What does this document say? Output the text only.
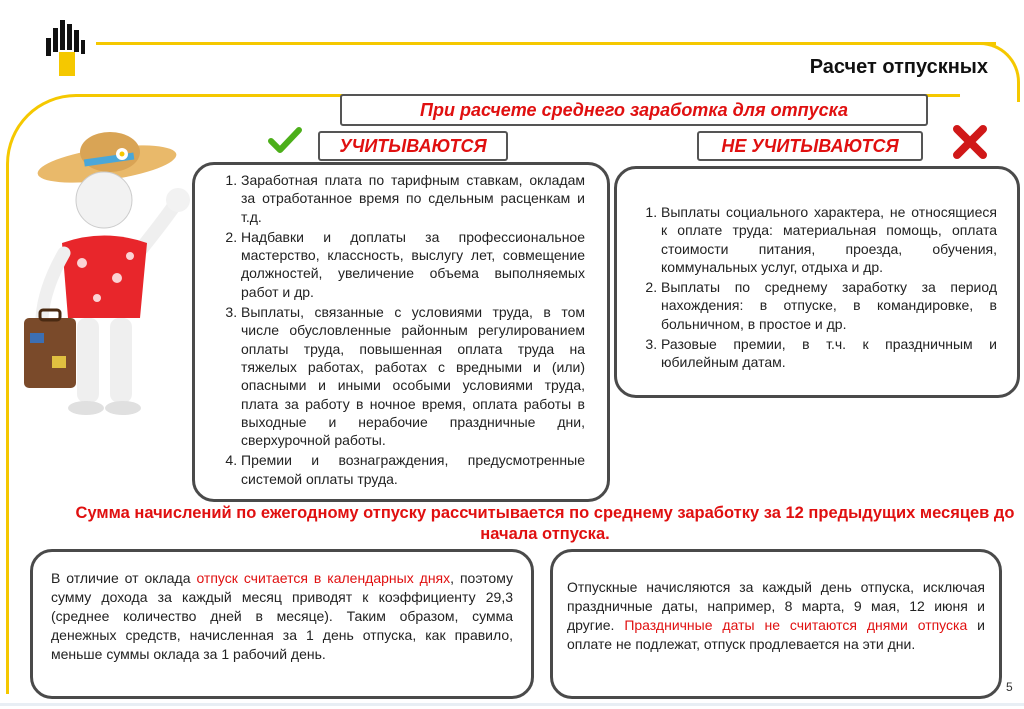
Расчет отпускных
При расчете среднего заработка для отпуска
УЧИТЫВАЮТСЯ	НЕ УЧИТЫВАЮТСЯ
1. Заработная плата по тарифным ставкам, окладам за отработанное время по сдельным расценкам и т.д.
2. Надбавки и доплаты за профессиональное мастерство, классность, выслугу лет, совмещение должностей, увеличение объема выполняемых работ и др.
3. Выплаты, связанные с условиями труда, в том числе обусловленные районным регулированием оплаты труда, повышенная оплата труда на тяжелых работах, работах с вредными и (или) опасными и иными особыми условиями труда, плата за работу в ночное время, оплата работы в выходные и нерабочие праздничные дни, сверхурочной работы.
4. Премии и вознаграждения, предусмотренные системой оплаты труда.
1. Выплаты социального характера, не относящиеся к оплате труда: материальная помощь, оплата стоимости питания, проезда, обучения, коммунальных услуг, отдыха и др.
2. Выплаты по среднему заработку за период нахождения: в отпуске, в командировке, в больничном, в простое и др.
3. Разовые премии, в т.ч. к праздничным и юбилейным датам.
Сумма начислений по ежегодному отпуску рассчитывается по среднему заработку за 12 предыдущих месяцев до начала отпуска.
В отличие от оклада отпуск считается в календарных днях, поэтому сумму дохода за каждый месяц приводят к коэффициенту 29,3 (среднее количество дней в месяце). Таким образом, сумма денежных средств, начисленная за 1 день отпуска, как правило, меньше суммы оклада за 1 рабочий день.
Отпускные начисляются за каждый день отпуска, исключая праздничные даты, например, 8 марта, 9 мая, 12 июня и другие. Праздничные даты не считаются днями отпуска и оплате не подлежат, отпуск продлевается на эти дни.
5
